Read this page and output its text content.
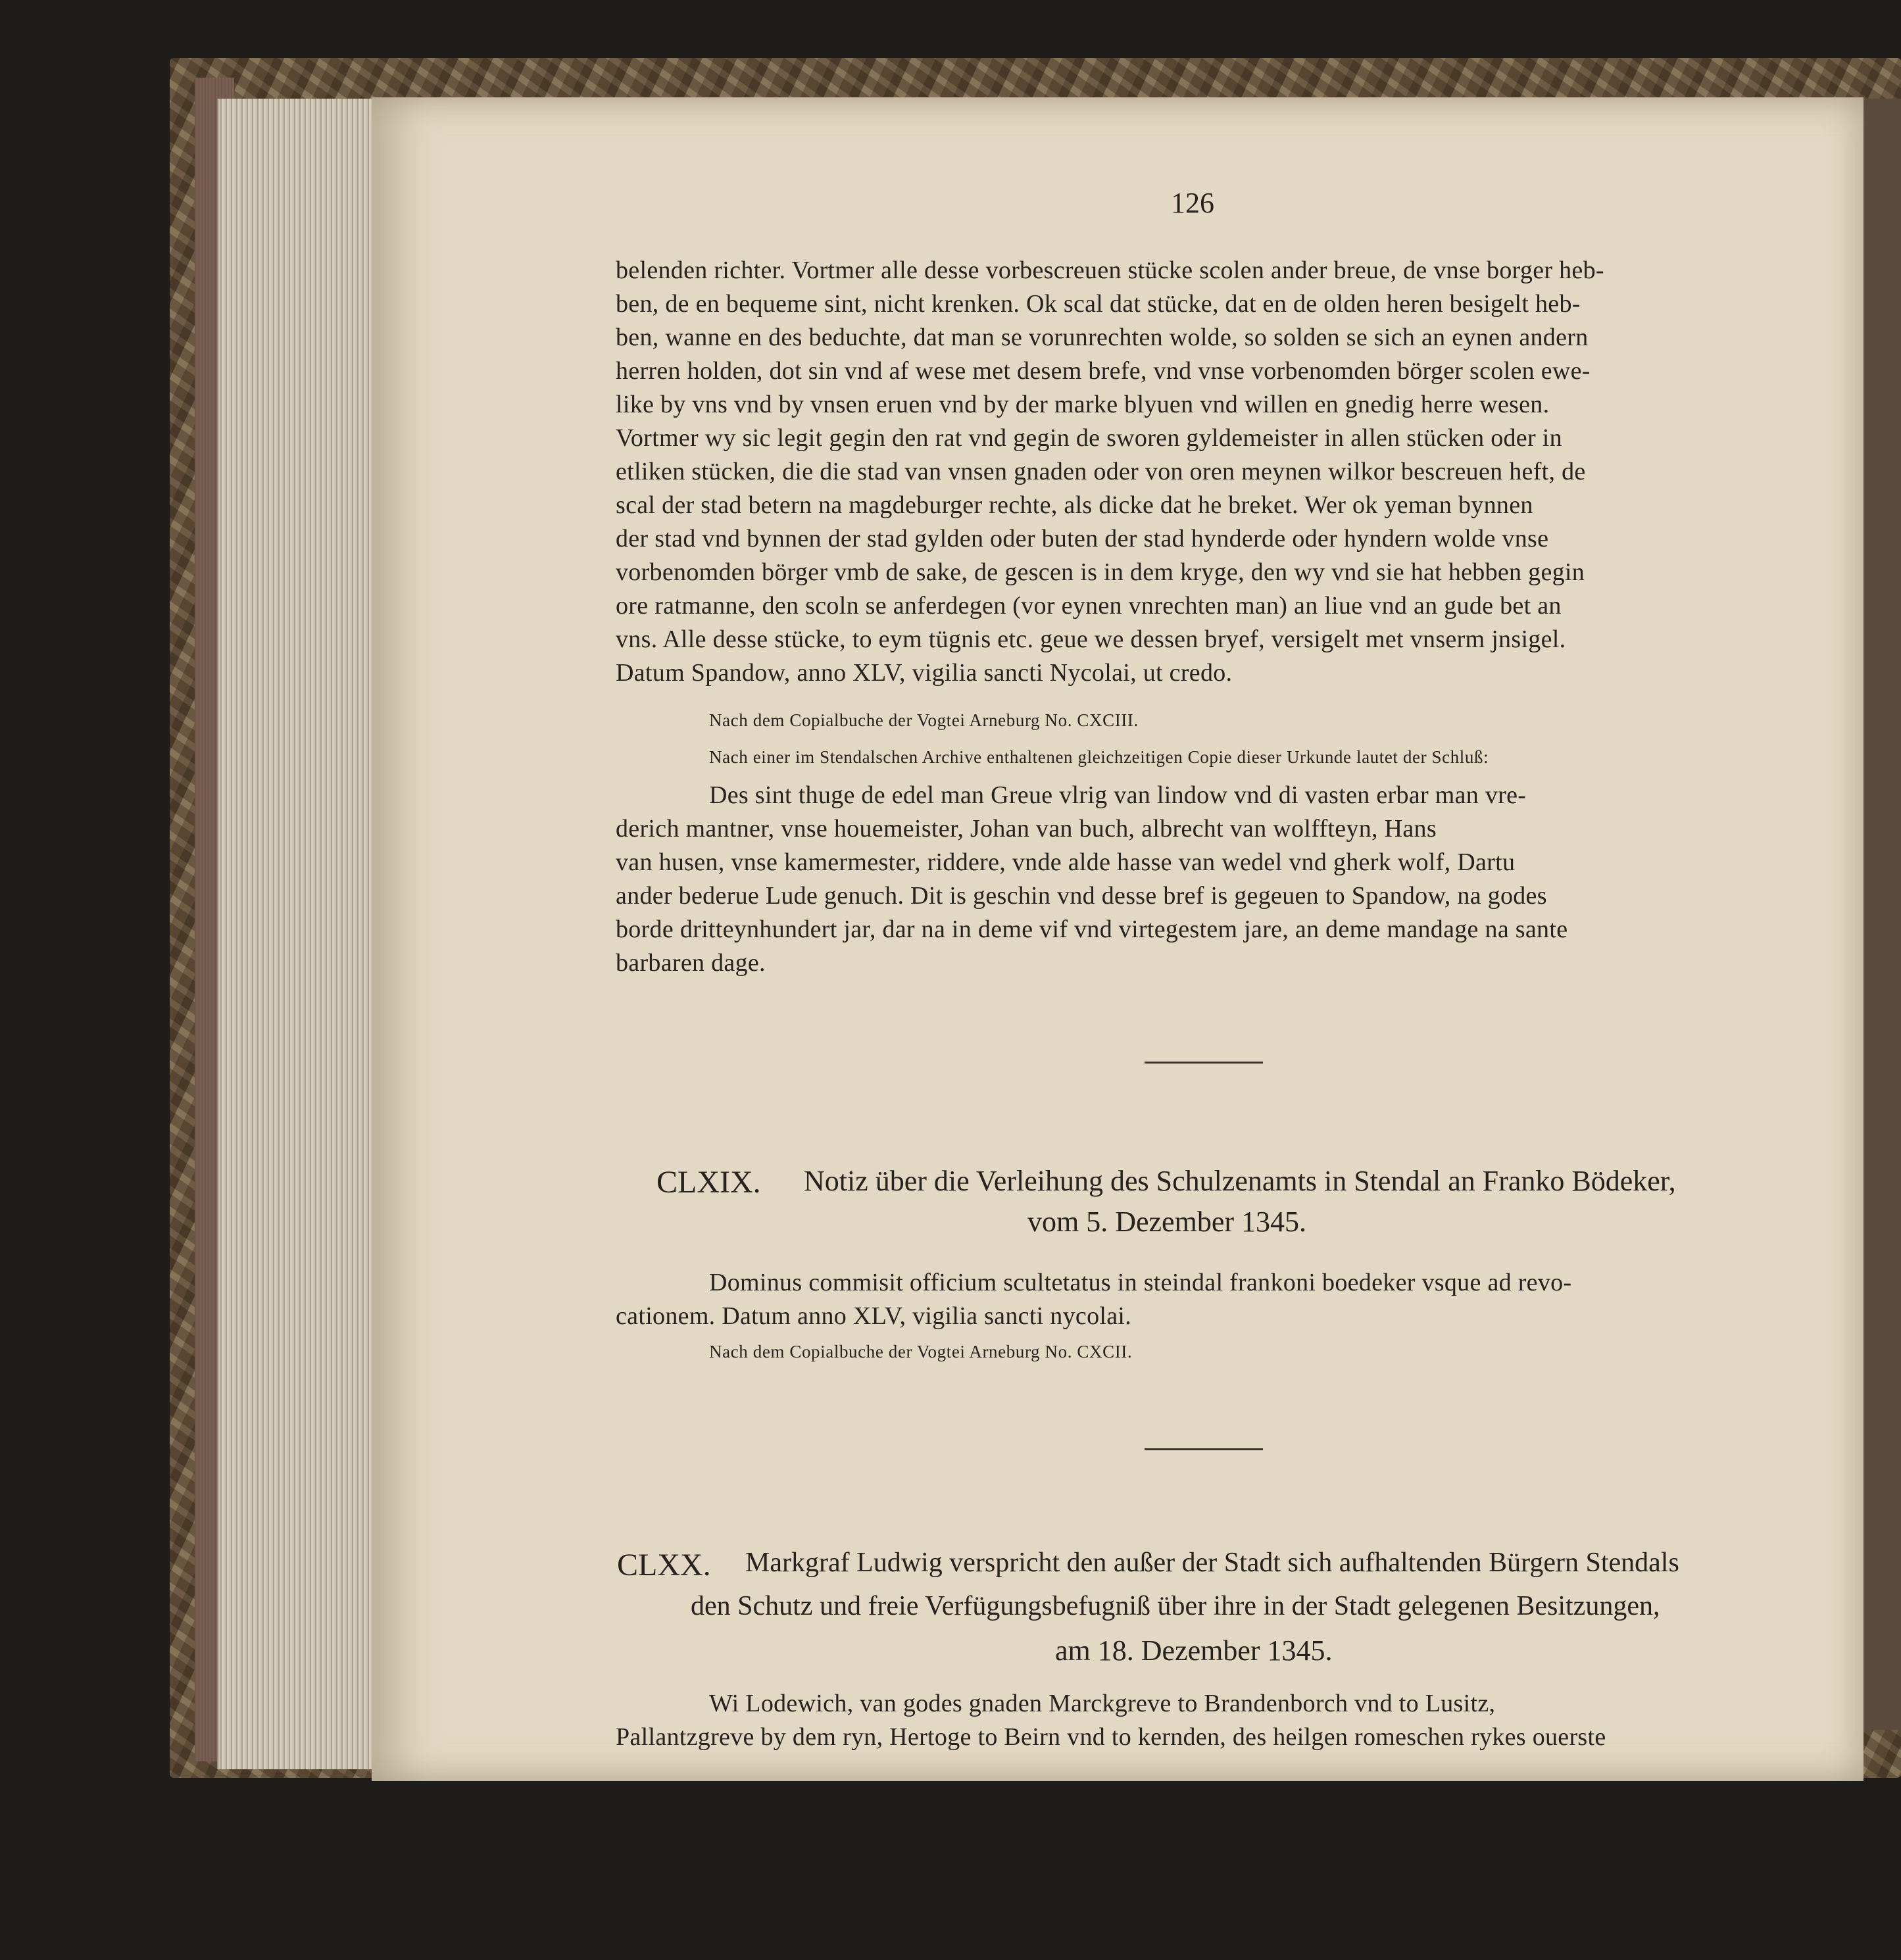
126
belenden richter. Vortmer alle desse vorbescreuen stücke scolen ander breue, de vnse borger heb-
ben, de en bequeme sint, nicht krenken. Ok scal dat stücke, dat en de olden heren besigelt heb-
ben, wanne en des beduchte, dat man se vorunrechten wolde, so solden se sich an eynen andern
herren holden, dot sin vnd af wese met desem brefe, vnd vnse vorbenomden börger scolen ewe-
like by vns vnd by vnsen eruen vnd by der marke blyuen vnd willen en gnedig herre wesen.
Vortmer wy sic legit gegin den rat vnd gegin de sworen gyldemeister in allen stücken oder in
etliken stücken, die die stad van vnsen gnaden oder von oren meynen wilkor bescreuen heft, de
scal der stad betern na magdeburger rechte, als dicke dat he breket. Wer ok yeman bynnen
der stad vnd bynnen der stad gylden oder buten der stad hynderde oder hyndern wolde vnse
vorbenomden börger vmb de sake, de gescen is in dem kryge, den wy vnd sie hat hebben gegin
ore ratmanne, den scoln se anferdegen (vor eynen vnrechten man) an liue vnd an gude bet an
vns. Alle desse stücke, to eym tügnis etc. geue we dessen bryef, versigelt met vnserm jnsigel.
Datum Spandow, anno XLV, vigilia sancti Nycolai, ut credo.
Nach dem Copialbuche der Vogtei Arneburg No. CXCIII.
Nach einer im Stendalschen Archive enthaltenen gleichzeitigen Copie dieser Urkunde lautet der Schluß:
Des sint thuge de edel man Greue vlrig van lindow vnd di vasten erbar man vre-
derich mantner, vnse houemeister, Johan van buch, albrecht van wolffteyn, Hans
van husen, vnse kamermester, riddere, vnde alde hasse van wedel vnd gherk wolf, Dartu
ander bederue Lude genuch. Dit is geschin vnd desse bref is gegeuen to Spandow, na godes
borde dritteynhundert jar, dar na in deme vif vnd virtegestem jare, an deme mandage na sante
barbaren dage.
CLXIX. Notiz über die Verleihung des Schulzenamts in Stendal an Franko Bödeker,
vom 5. Dezember 1345.
Dominus commisit officium scultetatus in steindal frankoni boedeker vsque ad revo-
cationem. Datum anno XLV, vigilia sancti nycolai.
Nach dem Copialbuche der Vogtei Arneburg No. CXCII.
CLXX. Markgraf Ludwig verspricht den außer der Stadt sich aufhaltenden Bürgern Stendals
den Schutz und freie Verfügungsbefugniß über ihre in der Stadt gelegenen Besitzungen,
am 18. Dezember 1345.
Wi Lodewich, van godes gnaden Marckgreve to Brandenborch vnd to Lusitz,
Pallantzgreve by dem ryn, Hertoge to Beirn vnd to kernden, des heilgen romeschen rykes ouerste
